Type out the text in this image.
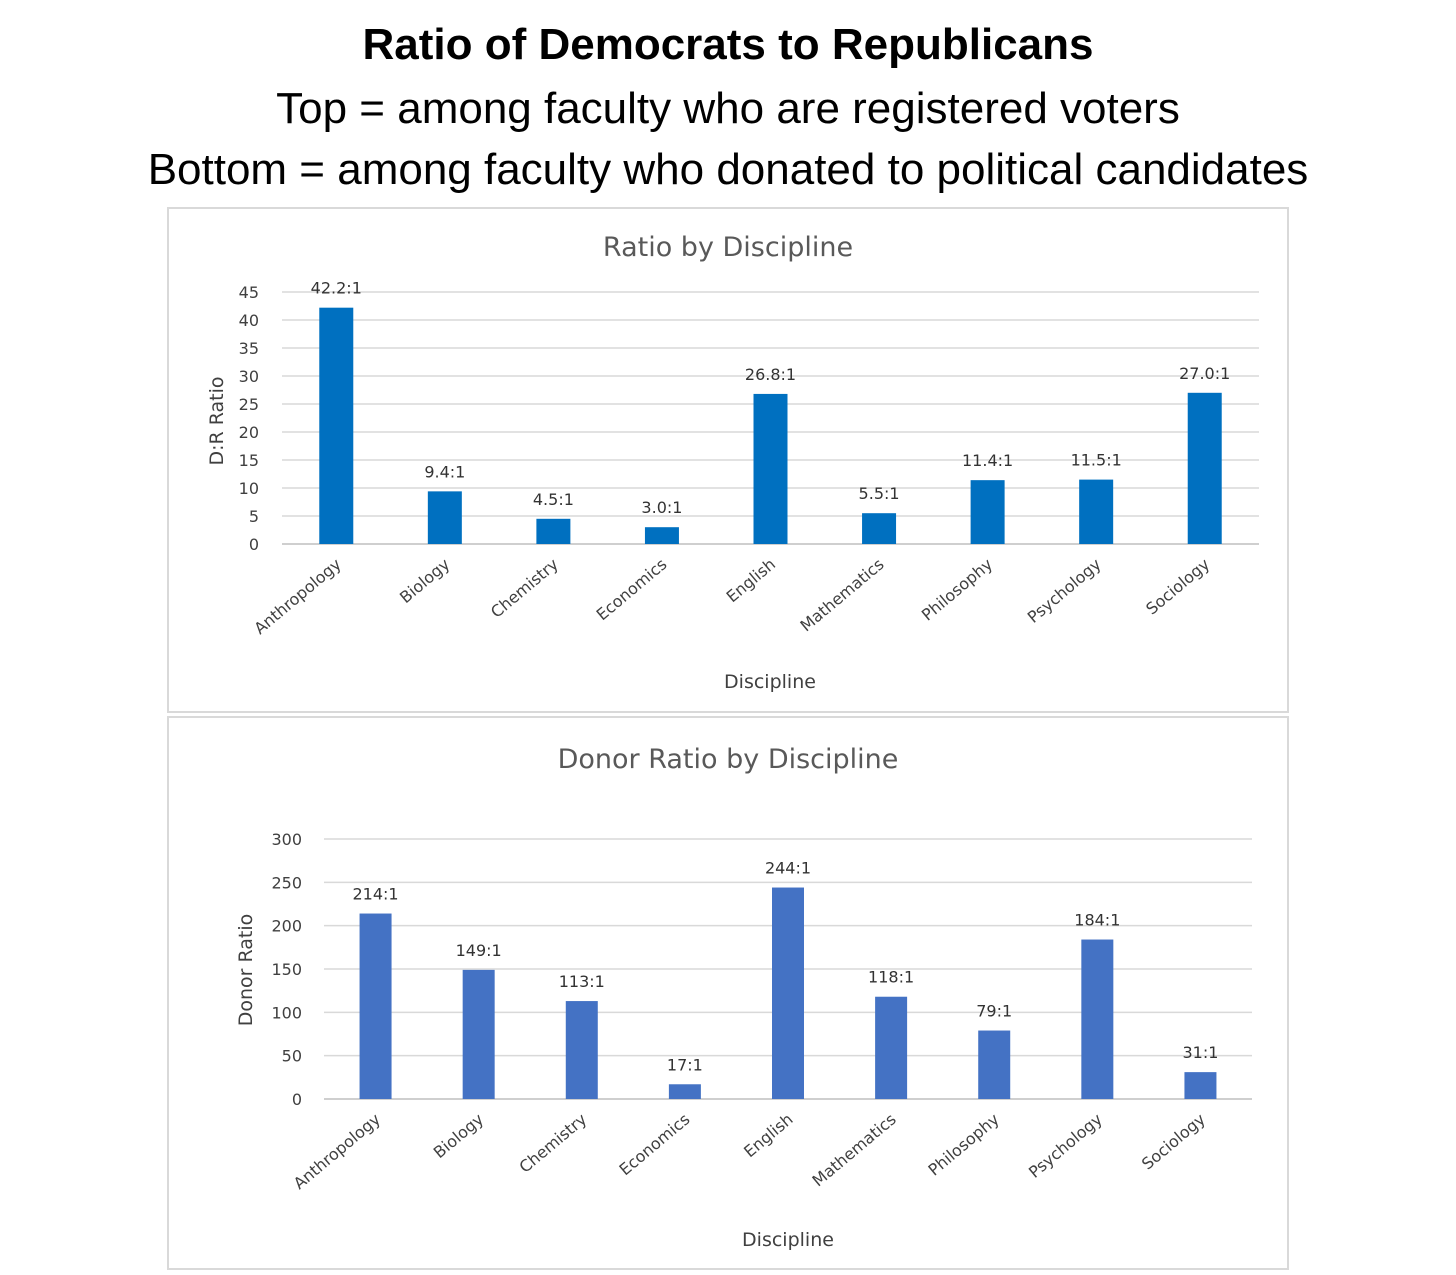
Ratio of Democrats to Republicans
Top = among faculty who are registered voters
Bottom = among faculty who donated to political candidates
Ratio by Discipline
0
5
10
15
20
25
30
35
40
45	42.2:1
9.4:1
4.5:1	3.0:1
26.8:1
5.5:1
11.4:1	11.5:1
27.0:1
Anthropology	Biology Chemistry Economics	English Mathematics Philosophy Psychology Sociology
Discipline
D:R Ratio
Donor Ratio by Discipline
0
50
100
150
200
250
300
214:1
149:1
113:1
17:1
244:1
118:1
79:1
184:1
31:1
Anthropology	Biology Chemistry Economics	English Mathematics Philosophy Psychology Sociology
Discipline
Donor Ratio
